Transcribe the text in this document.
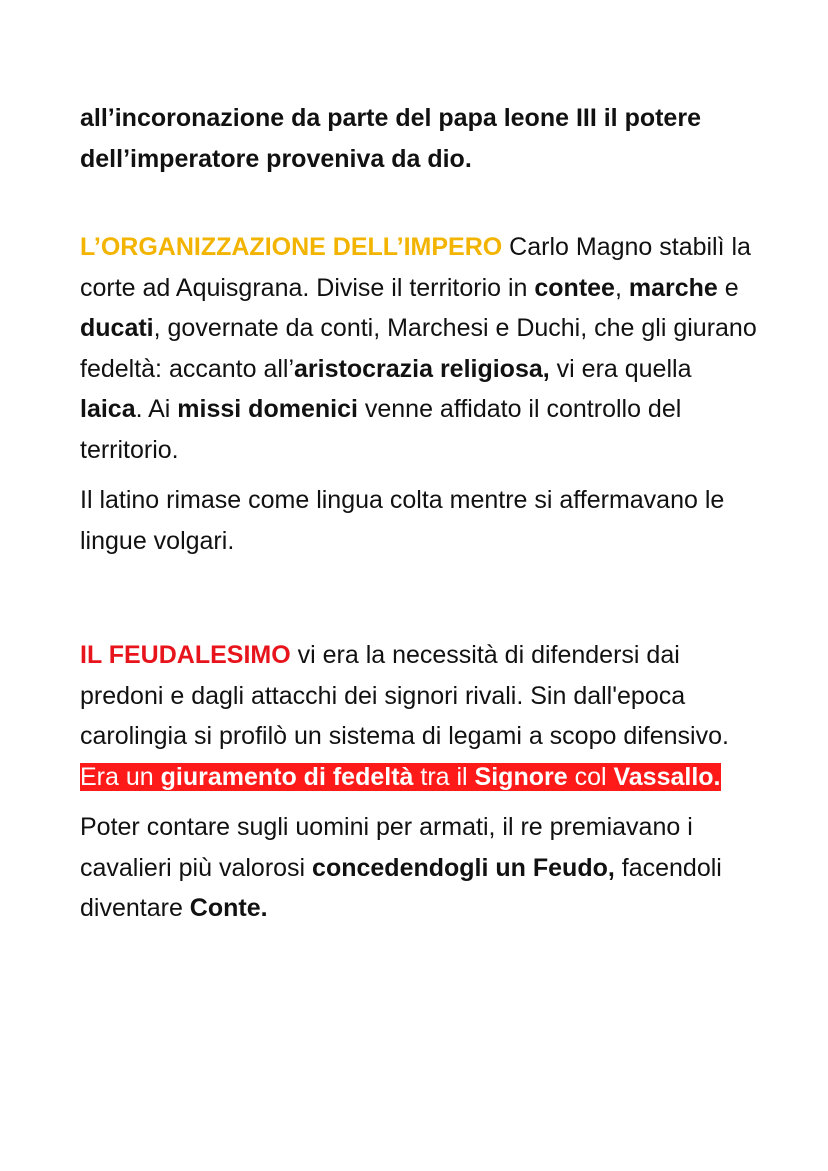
all’incoronazione da parte del papa leone III il potere dell’imperatore proveniva da dio.

L’ORGANIZZAZIONE DELL’IMPERO Carlo Magno stabilì la corte ad Aquisgrana. Divise il territorio in contee, marche e ducati, governate da conti, Marchesi e Duchi, che gli giurano fedeltà: accanto all’aristocrazia religiosa, vi era quella laica. Ai missi domenici venne affidato il controllo del territorio.

Il latino rimase come lingua colta mentre si affermavano le lingue volgari.

IL FEUDALESIMO vi era la necessità di difendersi dai predoni e dagli attacchi dei signori rivali. Sin dall'epoca carolingia si profilò un sistema di legami a scopo difensivo. Era un giuramento di fedeltà tra il Signore col Vassallo.

Poter contare sugli uomini per armati, il re premiavano i cavalieri più valorosi concedendogli un Feudo, facendoli diventare Conte.
